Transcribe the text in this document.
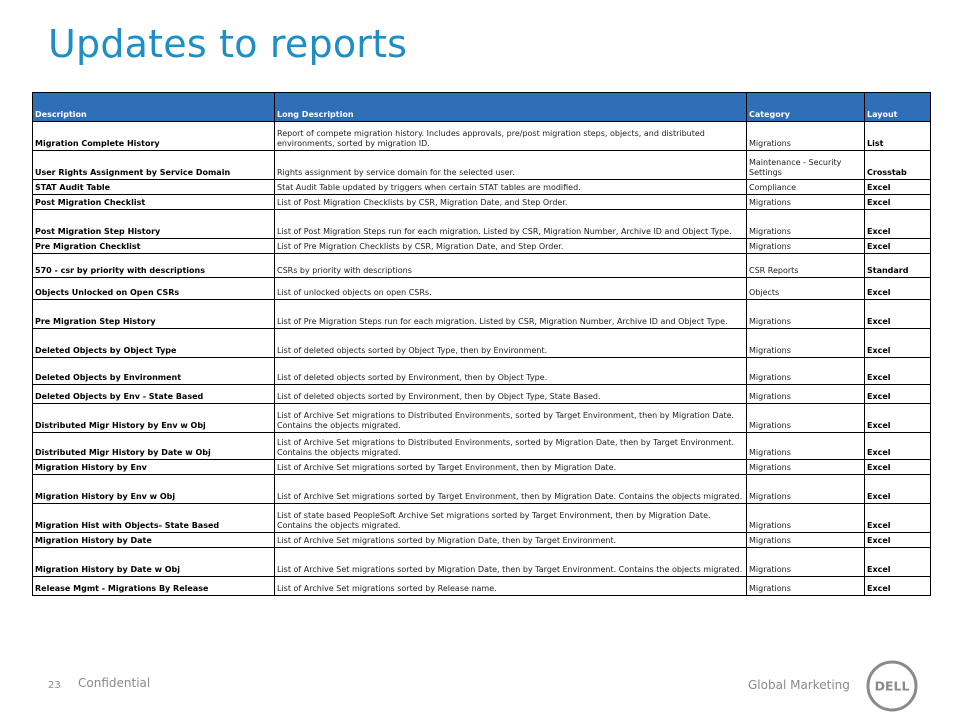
Updates to reports
Description	Long Description	Category	Layout
Migration Complete History	Report of compete migration history. Includes approvals, pre/post migration steps, objects, and distributed environments, sorted by migration ID.	Migrations	List
User Rights Assignment by Service Domain	Rights assignment by service domain for the selected user.	Maintenance - Security Settings	Crosstab
STAT Audit Table	Stat Audit Table updated by triggers when certain STAT tables are modified.	Compliance	Excel
Post Migration Checklist	List of Post Migration Checklists by CSR, Migration Date, and Step Order.	Migrations	Excel
Post Migration Step History	List of Post Migration Steps run for each migration. Listed by CSR, Migration Number, Archive ID and Object Type.	Migrations	Excel
Pre Migration Checklist	List of Pre Migration Checklists by CSR, Migration Date, and Step Order.	Migrations	Excel
570 - csr by priority with descriptions	CSRs by priority with descriptions	CSR Reports	Standard
Objects Unlocked on Open CSRs	List of unlocked objects on open CSRs.	Objects	Excel
Pre Migration Step History	List of Pre Migration Steps run for each migration. Listed by CSR, Migration Number, Archive ID and Object Type.	Migrations	Excel
Deleted Objects by Object Type	List of deleted objects sorted by Object Type, then by Environment.	Migrations	Excel
Deleted Objects by Environment	List of deleted objects sorted by Environment, then by Object Type.	Migrations	Excel
Deleted Objects by Env - State Based	List of deleted objects sorted by Environment, then by Object Type, State Based.	Migrations	Excel
Distributed Migr History by Env w Obj	List of Archive Set migrations to Distributed Environments, sorted by Target Environment, then by Migration Date. Contains the objects migrated.	Migrations	Excel
Distributed Migr History by Date w Obj	List of Archive Set migrations to Distributed Environments, sorted by Migration Date, then by Target Environment. Contains the objects migrated.	Migrations	Excel
Migration History by Env	List of Archive Set migrations sorted by Target Environment, then by Migration Date.	Migrations	Excel
Migration History by Env w Obj	List of Archive Set migrations sorted by Target Environment, then by Migration Date. Contains the objects migrated.	Migrations	Excel
Migration Hist with Objects- State Based	List of state based PeopleSoft Archive Set migrations sorted by Target Environment, then by Migration Date. Contains the objects migrated.	Migrations	Excel
Migration History by Date	List of Archive Set migrations sorted by Migration Date, then by Target Environment.	Migrations	Excel
Migration History by Date w Obj	List of Archive Set migrations sorted by Migration Date, then by Target Environment. Contains the objects migrated.	Migrations	Excel
Release Mgmt - Migrations By Release	List of Archive Set migrations sorted by Release name.	Migrations	Excel
23 Confidential	Global Marketing DELL
